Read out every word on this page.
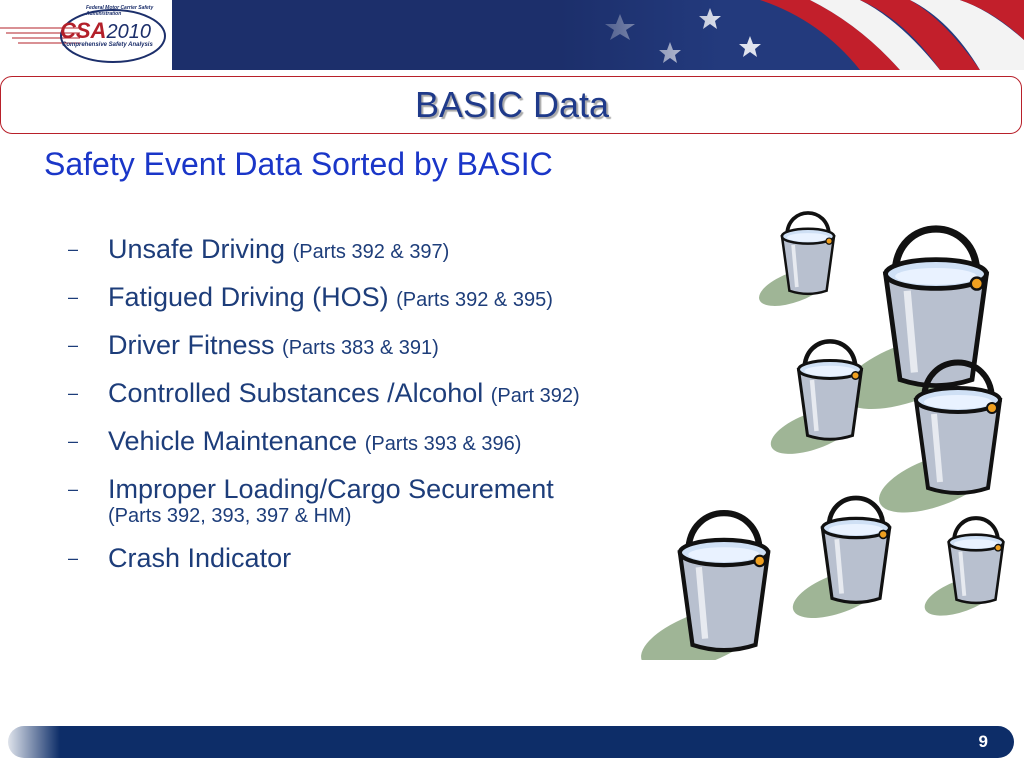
Federal Motor Carrier Safety Administration
CSA2010
Comprehensive Safety Analysis
BASIC Data
Safety Event Data Sorted by BASIC
– Unsafe Driving (Parts 392 & 397)
– Fatigued Driving (HOS) (Parts 392 & 395)
– Driver Fitness (Parts 383 & 391)
– Controlled Substances /Alcohol (Part 392)
– Vehicle Maintenance (Parts 393 & 396)
– Improper Loading/Cargo Securement
(Parts 392, 393, 397 & HM)
– Crash Indicator
9
